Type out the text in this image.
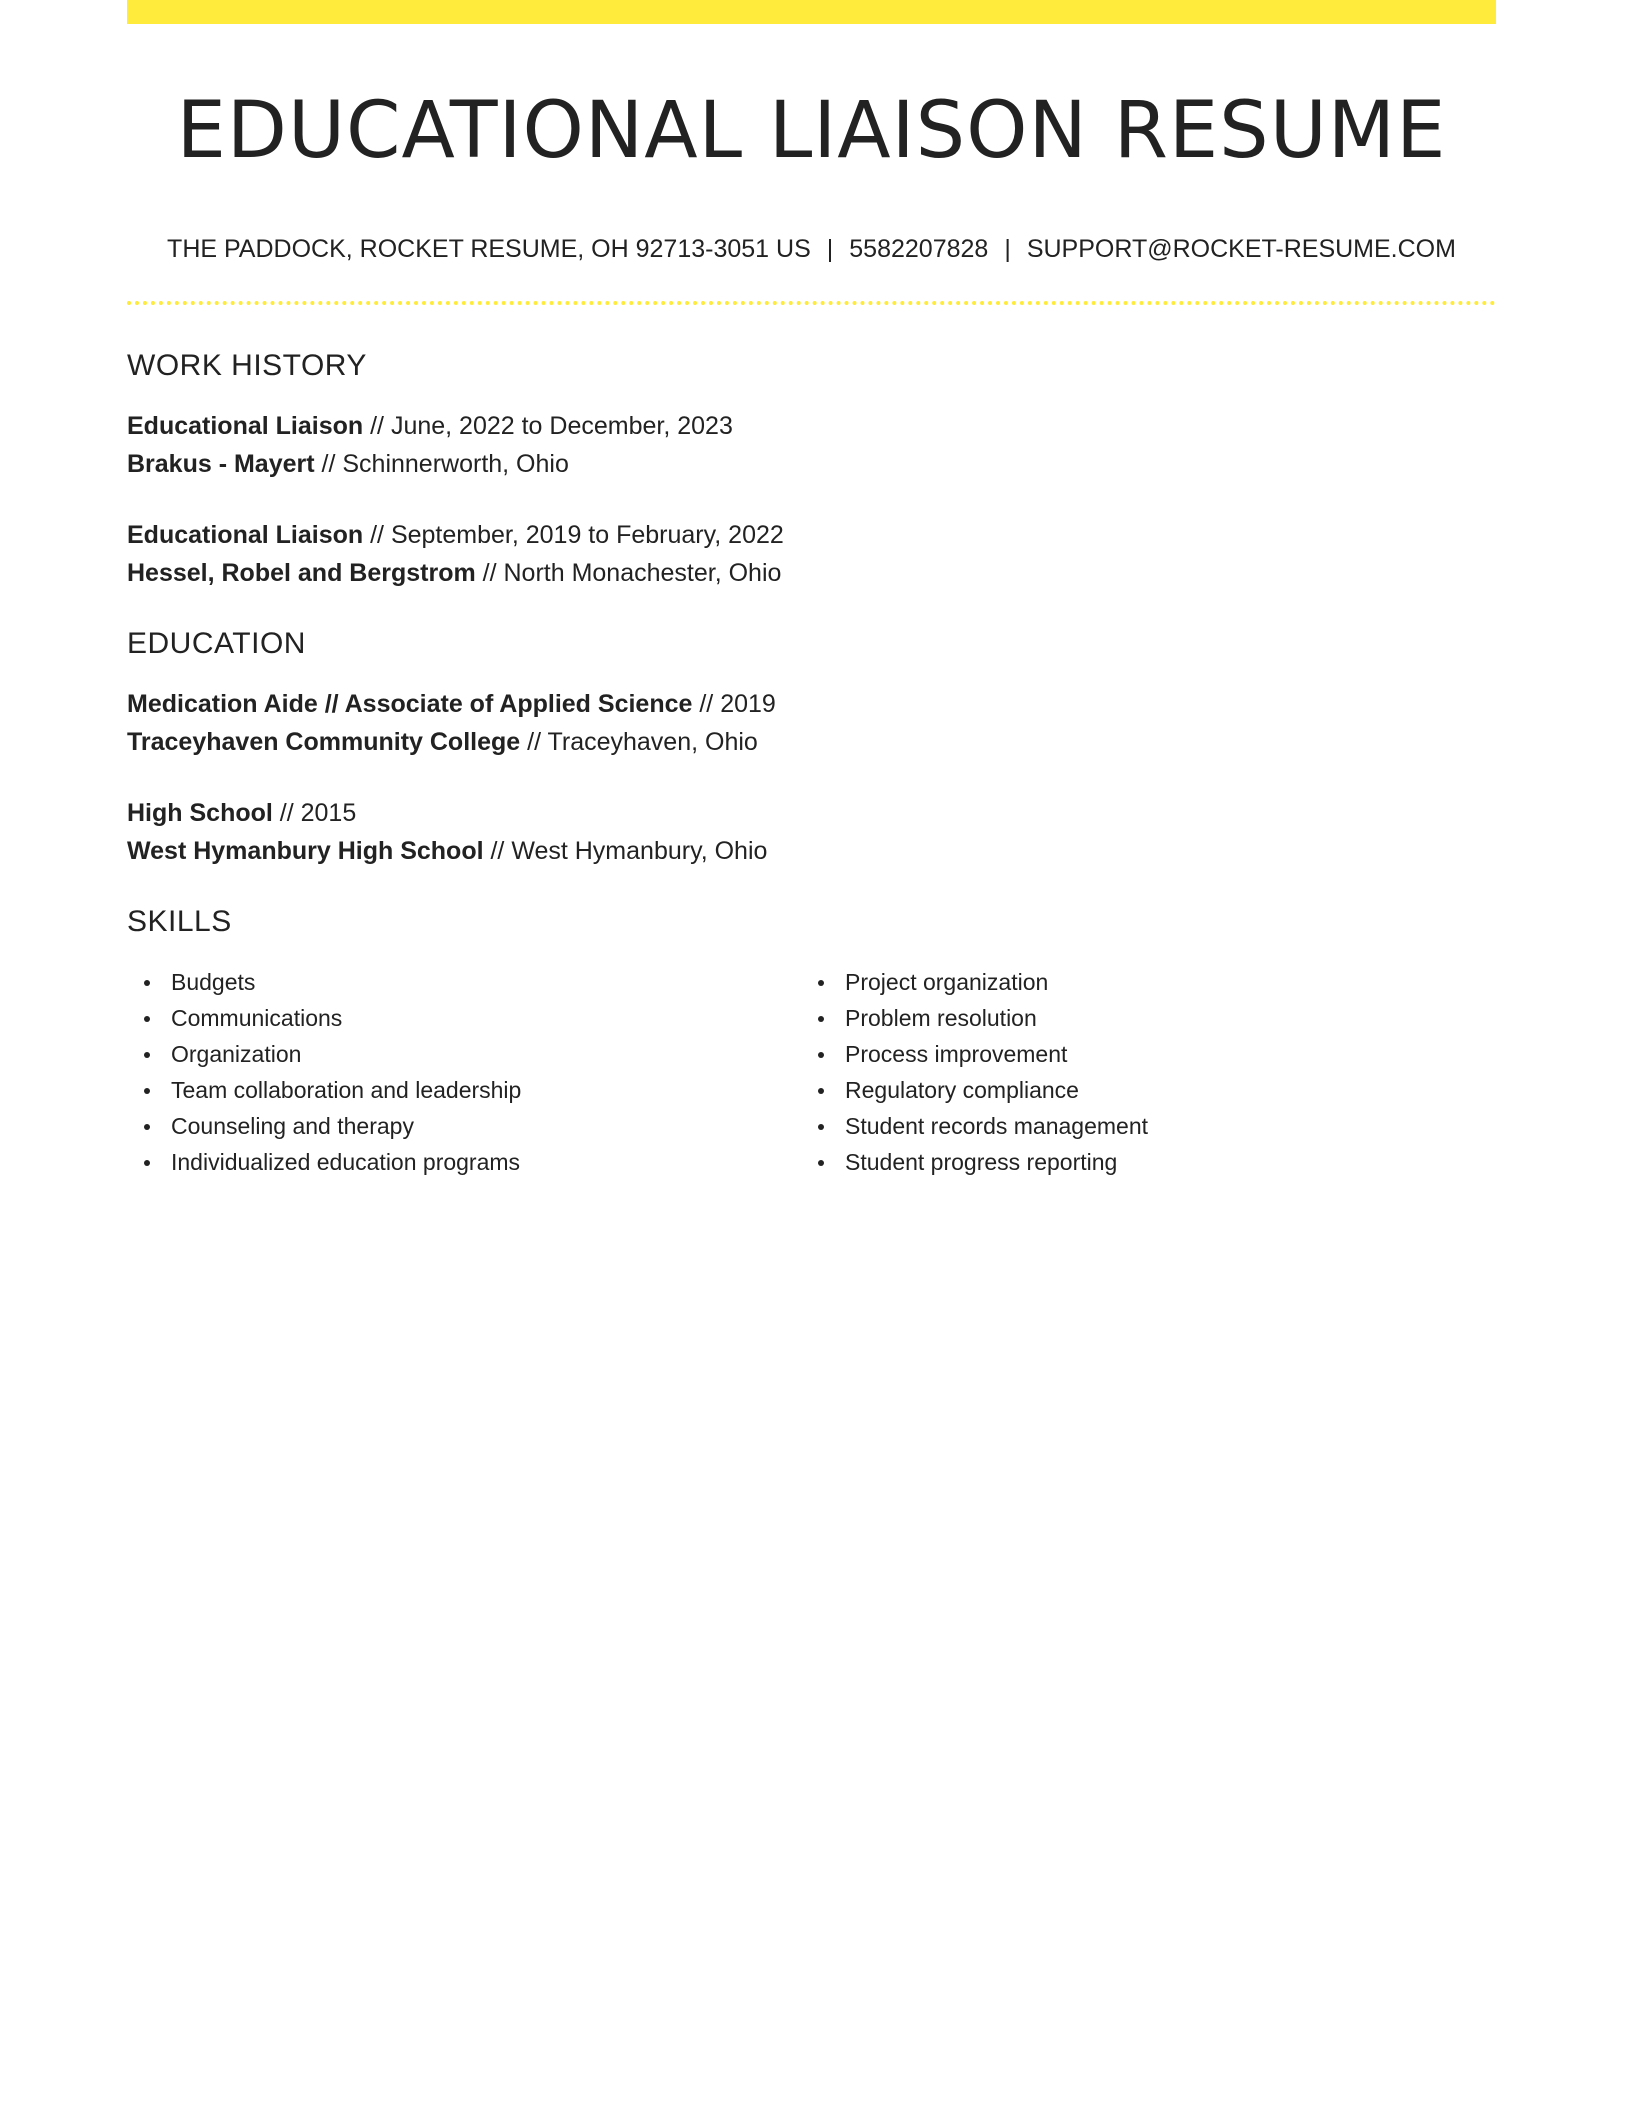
EDUCATIONAL LIAISON RESUME
THE PADDOCK, ROCKET RESUME, OH 92713-3051 US | 5582207828 | SUPPORT@ROCKET-RESUME.COM
WORK HISTORY
Educational Liaison // June, 2022 to December, 2023
Brakus - Mayert // Schinnerworth, Ohio
Educational Liaison // September, 2019 to February, 2022
Hessel, Robel and Bergstrom // North Monachester, Ohio
EDUCATION
Medication Aide // Associate of Applied Science // 2019
Traceyhaven Community College // Traceyhaven, Ohio
High School // 2015
West Hymanbury High School // West Hymanbury, Ohio
SKILLS
Budgets
Communications
Organization
Team collaboration and leadership
Counseling and therapy
Individualized education programs
Project organization
Problem resolution
Process improvement
Regulatory compliance
Student records management
Student progress reporting
